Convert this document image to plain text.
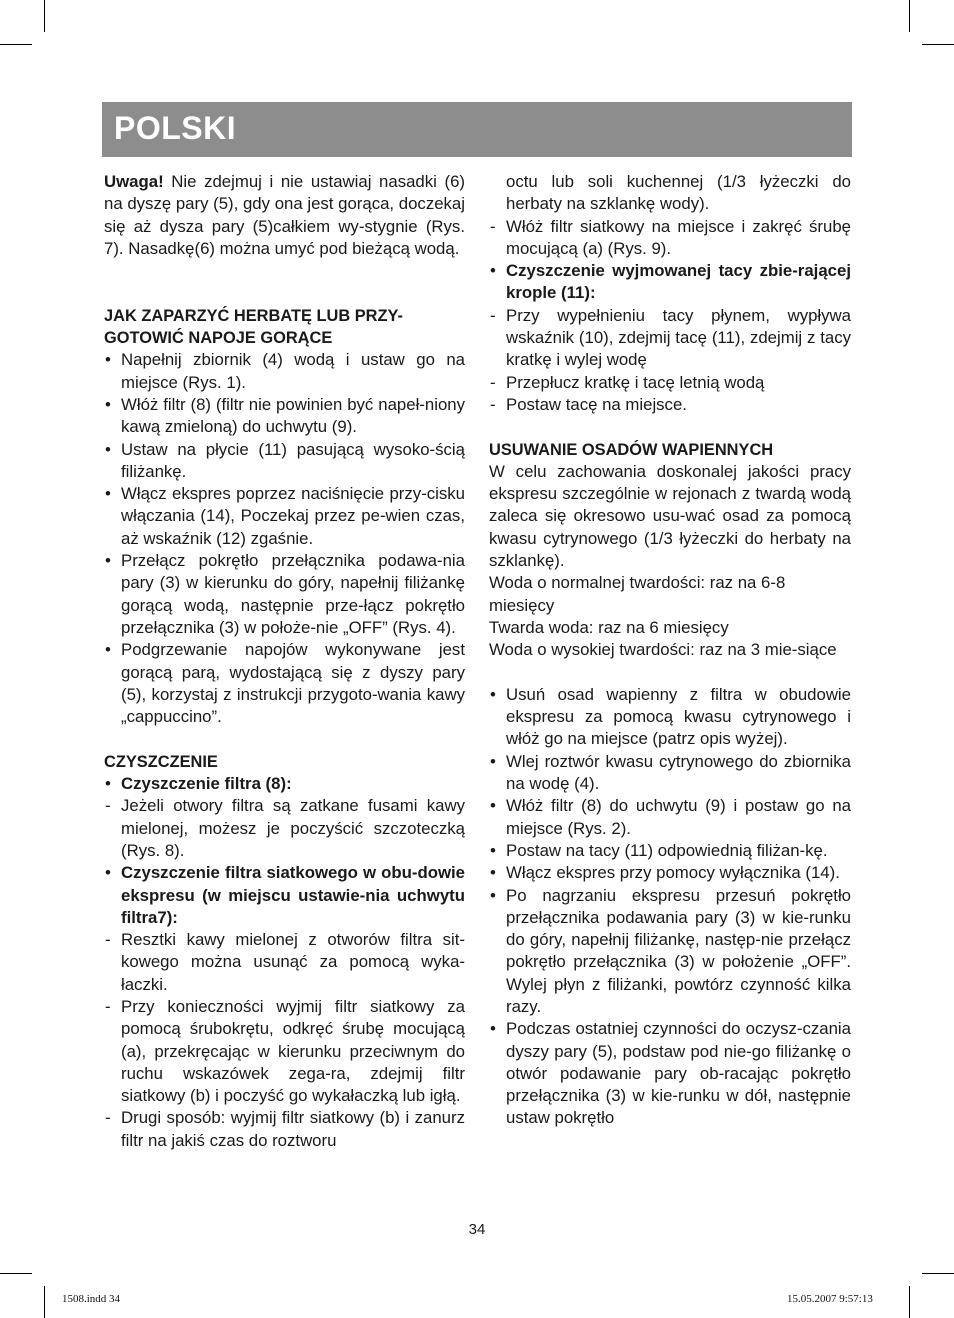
POLSKI

Uwaga! Nie zdejmuj i nie ustawiaj nasadki (6) na dyszę pary (5), gdy ona jest gorąca, doczekaj się aż dysza pary (5)całkiem wy-stygnie (Rys. 7). Nasadkę(6) można umyć pod bieżącą wodą.

JAK ZAPARZYĆ HERBATĘ LUB PRZY-GOTOWIĆ NAPOJE GORĄCE

• Napełnij zbiornik (4) wodą i ustaw go na miejsce (Rys. 1).
• Włóż filtr (8) (filtr nie powinien być napeł-niony kawą zmieloną) do uchwytu (9).
• Ustaw na płycie (11) pasującą wysoko-ścią filiżankę.
• Włącz ekspres poprzez naciśnięcie przy-cisku włączania (14), Poczekaj przez pe-wien czas, aż wskaźnik (12) zgaśnie.
• Przełącz pokrętło przełącznika podawa-nia pary (3) w kierunku do góry, napełnij filiżankę gorącą wodą, następnie prze-łącz pokrętło przełącznika (3) w położe-nie „OFF” (Rys. 4).
• Podgrzewanie napojów wykonywane jest gorącą parą, wydostającą się z dyszy pary (5), korzystaj z instrukcji przygoto-wania kawy „cappuccino”.

CZYSZCZENIE

• Czyszczenie filtra (8):
- Jeżeli otwory filtra są zatkane fusami kawy mielonej, możesz je poczyścić szczoteczką (Rys. 8).
• Czyszczenie filtra siatkowego w obu-dowie ekspresu (w miejscu ustawie-nia uchwytu filtra7):
- Resztki kawy mielonej z otworów filtra sit-kowego można usunąć za pomocą wyka-łaczki.
- Przy konieczności wyjmij filtr siatkowy za pomocą śrubokrętu, odkręć śrubę mocującą (a), przekręcając w kierunku przeciwnym do ruchu wskazówek zega-ra, zdejmij filtr siatkowy (b) i poczyść go wykałaczką lub igłą.
- Drugi sposób: wyjmij filtr siatkowy (b) i zanurz filtr na jakiś czas do roztworu
octu lub soli kuchennej (1/3 łyżeczki do herbaty na szklankę wody).
- Włóż filtr siatkowy na miejsce i zakręć śrubę mocującą (a) (Rys. 9).
• Czyszczenie wyjmowanej tacy zbie-rającej krople (11):
- Przy wypełnieniu tacy płynem, wypływa wskaźnik (10), zdejmij tacę (11), zdejmij z tacy kratkę i wylej wodę
- Przepłucz kratkę i tacę letnią wodą
- Postaw tacę na miejsce.

USUWANIE OSADÓW WAPIENNYCH

W celu zachowania doskonalej jakości pracy ekspresu szczególnie w rejonach z twardą wodą zaleca się okresowo usu-wać osad za pomocą kwasu cytrynowego (1/3 łyżeczki do herbaty na szklankę).

Woda o normalnej twardości: raz na 6-8 miesięcy

Twarda woda: raz na 6 miesięcy

Woda o wysokiej twardości: raz na 3 mie-siące

• Usuń osad wapienny z filtra w obudowie ekspresu za pomocą kwasu cytrynowego i włóż go na miejsce (patrz opis wyżej).
• Wlej roztwór kwasu cytrynowego do zbiornika na wodę (4).
• Włóż filtr (8) do uchwytu (9) i postaw go na miejsce (Rys. 2).
• Postaw na tacy (11) odpowiednią filiżan-kę.
• Włącz ekspres przy pomocy wyłącznika (14).
• Po nagrzaniu ekspresu przesuń pokrętło przełącznika podawania pary (3) w kie-runku do góry, napełnij filiżankę, następ-nie przełącz pokrętło przełącznika (3) w położenie „OFF”. Wylej płyn z filiżanki, powtórz czynność kilka razy.
• Podczas ostatniej czynności do oczysz-czania dyszy pary (5), podstaw pod nie-go filiżankę o otwór podawanie pary ob-racając pokrętło przełącznika (3) w kie-runku w dół, następnie ustaw pokrętło
34
1508.indd 34	15.05.2007 9:57:13
